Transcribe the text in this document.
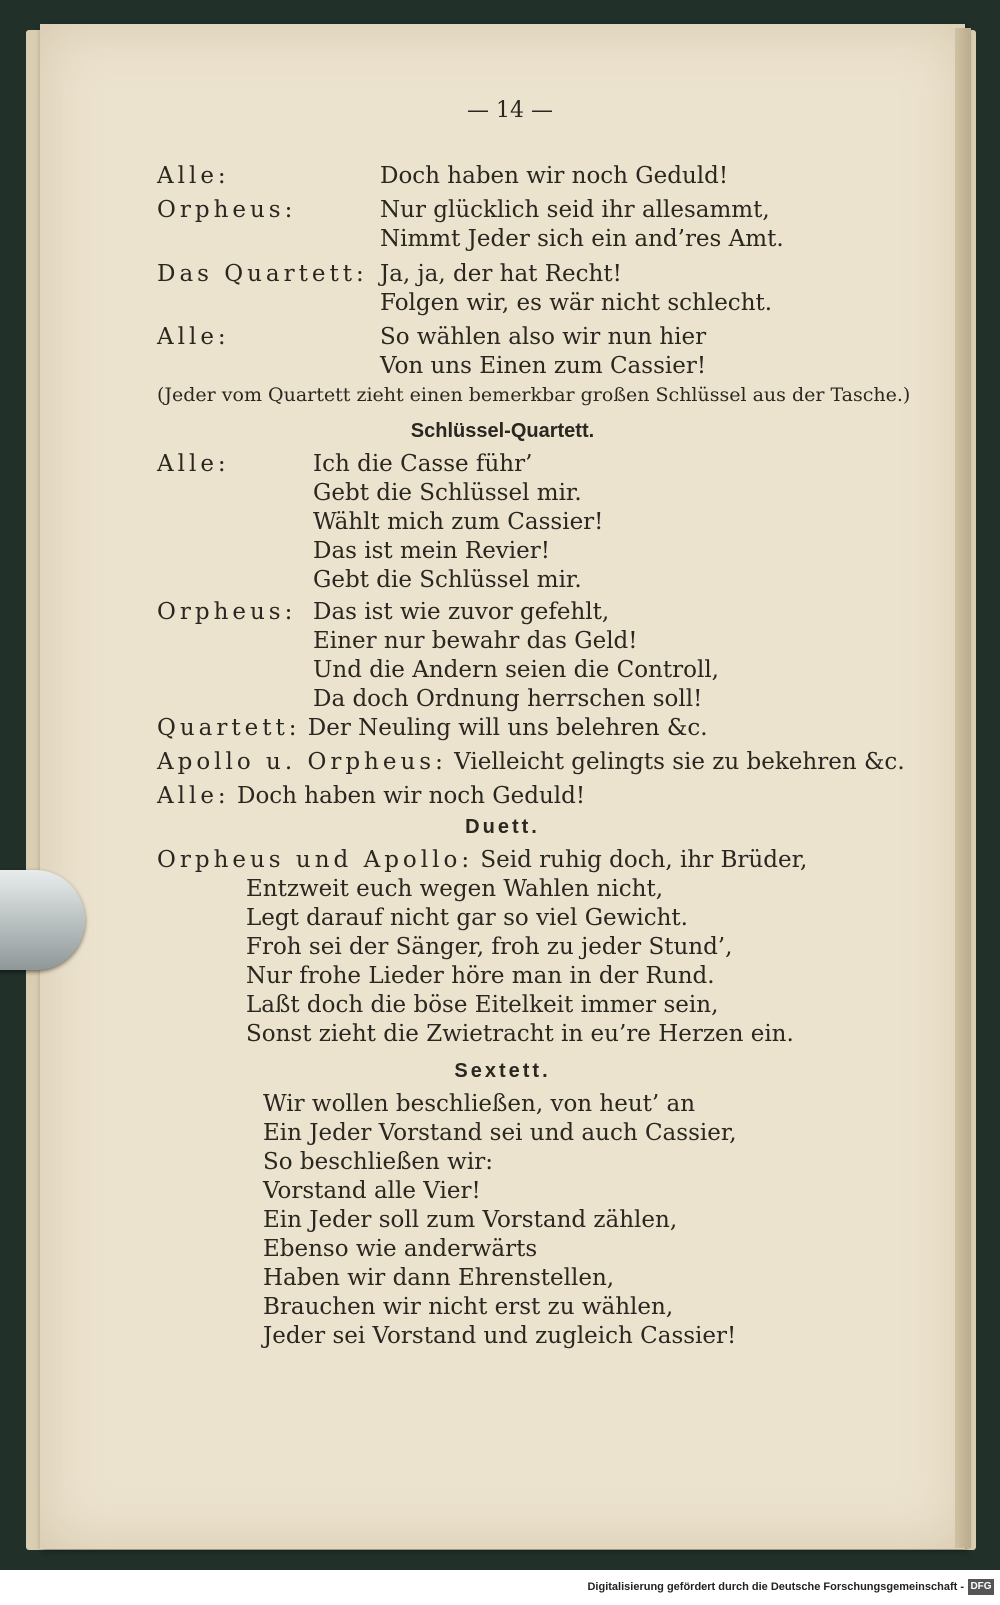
— 14 —
Alle:	Doch haben wir noch Geduld!
Orpheus:	Nur glücklich seid ihr allesammt,
Nimmt Jeder sich ein and’res Amt.
Das Quartett: Ja, ja, der hat Recht!
Folgen wir, es wär nicht schlecht.
Alle:	So wählen also wir nun hier
Von uns Einen zum Cassier!
(Jeder vom Quartett zieht einen bemerkbar großen Schlüssel aus der Tasche.)
Schlüssel-Quartett.
Alle:	Ich die Casse führ’
Gebt die Schlüssel mir.
Wählt mich zum Cassier!
Das ist mein Revier!
Gebt die Schlüssel mir.
Orpheus: Das ist wie zuvor gefehlt,
Einer nur bewahr das Geld!
Und die Andern seien die Controll,
Da doch Ordnung herrschen soll!
Quartett: Der Neuling will uns belehren &c.
Apollo u. Orpheus: Vielleicht gelingts sie zu bekehren &c.
Alle: Doch haben wir noch Geduld!
Duett.
Orpheus und Apollo: Seid ruhig doch, ihr Brüder,
Entzweit euch wegen Wahlen nicht,
Legt darauf nicht gar so viel Gewicht.
Froh sei der Sänger, froh zu jeder Stund’,
Nur frohe Lieder höre man in der Rund.
Laßt doch die böse Eitelkeit immer sein,
Sonst zieht die Zwietracht in eu’re Herzen ein.
Sextett.
Wir wollen beschließen, von heut’ an
Ein Jeder Vorstand sei und auch Cassier,
So beschließen wir:
Vorstand alle Vier!
Ein Jeder soll zum Vorstand zählen,
Ebenso wie anderwärts
Haben wir dann Ehrenstellen,
Brauchen wir nicht erst zu wählen,
Jeder sei Vorstand und zugleich Cassier!
Digitalisierung gefördert durch die Deutsche Forschungsgemeinschaft - DFG
